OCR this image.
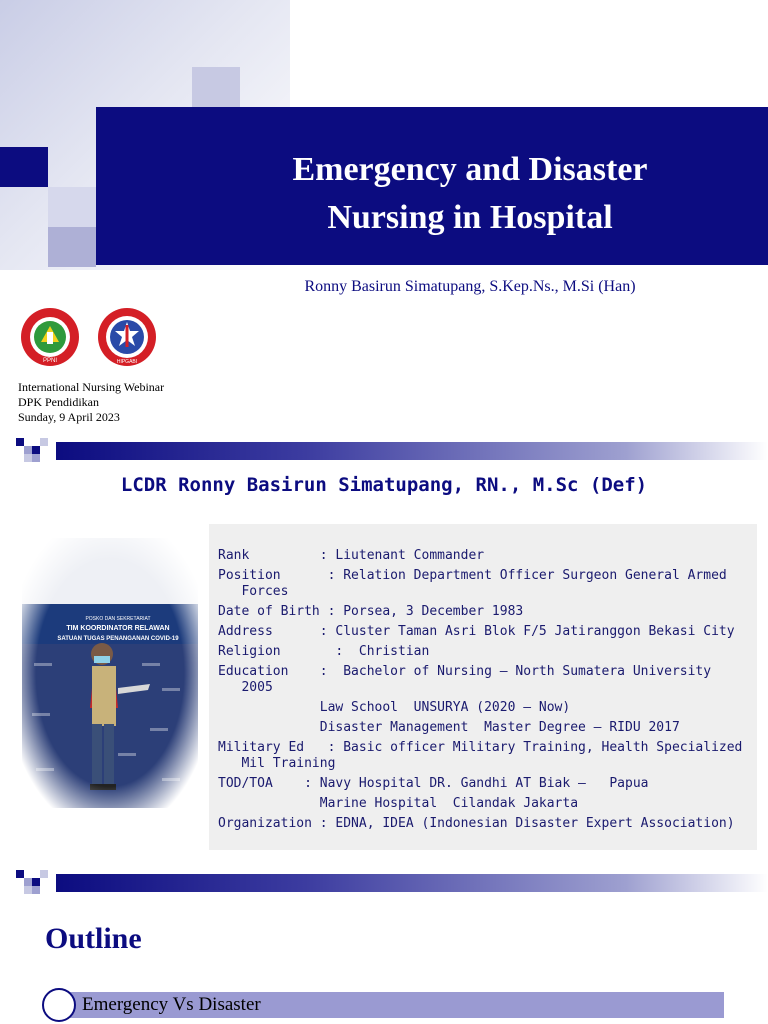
Emergency and Disaster
Nursing in Hospital
Ronny Basirun Simatupang, S.Kep.Ns., M.Si (Han)
PPNI	HIPGABI
International Nursing Webinar
DPK Pendidikan
Sunday, 9 April 2023
LCDR Ronny Basirun Simatupang, RN., M.Sc (Def)
Rank         : Liutenant Commander
Position      : Relation Department Officer Surgeon General Armed
Forces
Date of Birth : Porsea, 3 December 1983
Address      : Cluster Taman Asri Blok F/5 Jatiranggon Bekasi City
Religion       :  Christian
Education    :  Bachelor of Nursing – North Sumatera University
2005
Law School  UNSURYA (2020 – Now)
Disaster Management  Master Degree – RIDU 2017
Military Ed   : Basic officer Military Training, Health Specialized
Mil Training
TOD/TOA    : Navy Hospital DR. Gandhi AT Biak –   Papua
Marine Hospital  Cilandak Jakarta
Organization : EDNA, IDEA (Indonesian Disaster Expert Association)
Outline
Emergency Vs Disaster
